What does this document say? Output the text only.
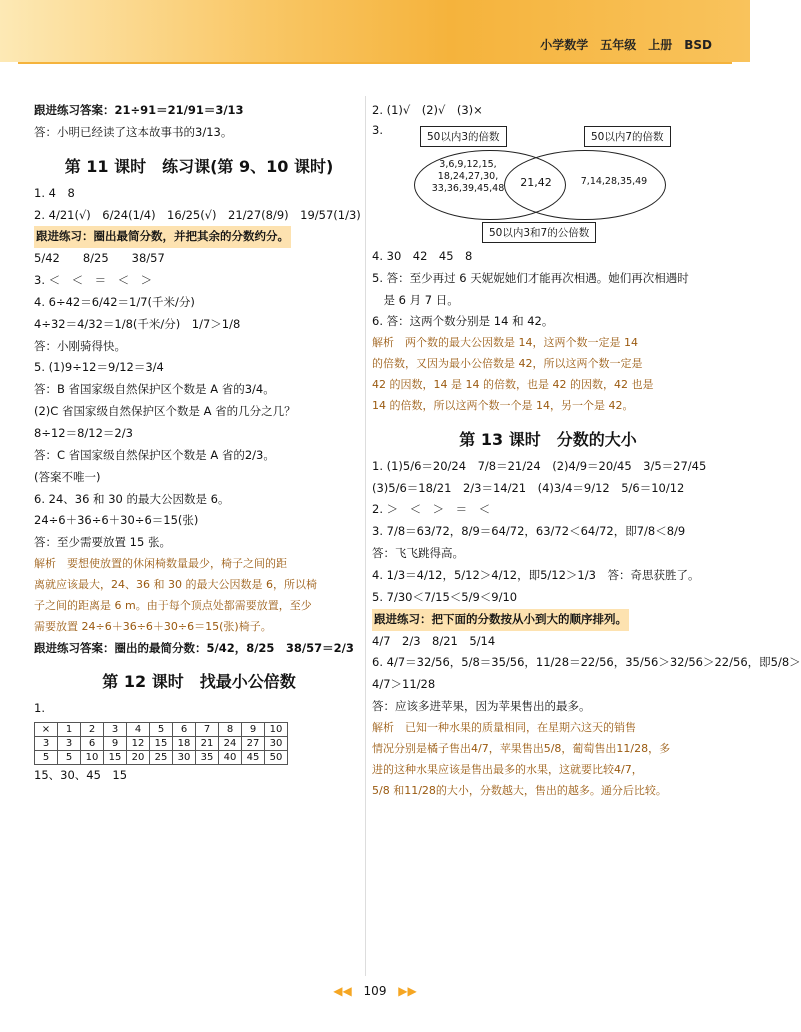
小学数学　五年级　上册　BSD
跟进练习答案：21÷91＝21/91＝3/13
答：小明已经读了这本故事书的3/13。
第 11 课时　练习课(第 9、10 课时)
1. 4　8
2. 4/21(√)　6/24(1/4)　16/25(√)　21/27(8/9)　19/57(1/3)
跟进练习：圈出最简分数，并把其余的分数约分。
5/42　　8/25　　38/57
3. ＜　＜　＝　＜　＞
4. 6÷42＝6/42＝1/7(千米/分)
4÷32＝4/32＝1/8(千米/分)　1/7＞1/8
答：小刚骑得快。
5. (1)9÷12＝9/12＝3/4
答：B 省国家级自然保护区个数是 A 省的3/4。
(2)C 省国家级自然保护区个数是 A 省的几分之几？
8÷12＝8/12＝2/3
答：C 省国家级自然保护区个数是 A 省的2/3。
(答案不唯一)
6. 24、36 和 30 的最大公因数是 6。
24÷6＋36÷6＋30÷6＝15(张)
答：至少需要放置 15 张。
解析　要想使放置的休闲椅数量最少，椅子之间的距
离就应该最大，24、36 和 30 的最大公因数是 6，所以椅
子之间的距离是 6 m。由于每个顶点处都需要放置，至少
需要放置 24÷6＋36÷6＋30÷6＝15(张)椅子。
跟进练习答案：圈出的最简分数：5/42，8/25　38/57＝2/3
第 12 课时　找最小公倍数
1.
×	1	2	3	4	5	6	7	8	9	10
3	3	6	9	12	15	18	21	24	27	30
5	5	10	15	20	25	30	35	40	45	50
15、30、45　15
2. (1)√　(2)√　(3)×
3.	50以内3的倍数	50以内7的倍数
3,6,9,12,15,
18,24,27,30,
33,36,39,45,48	21,42	7,14,28,35,49
50以内3和7的公倍数
4. 30　42　45　8
5. 答：至少再过 6 天妮妮她们才能再次相遇。她们再次相遇时
　是 6 月 7 日。
6. 答：这两个数分别是 14 和 42。
解析　两个数的最大公因数是 14，这两个数一定是 14
的倍数，又因为最小公倍数是 42，所以这两个数一定是
42 的因数，14 是 14 的倍数，也是 42 的因数，42 也是
14 的倍数，所以这两个数一个是 14，另一个是 42。
第 13 课时　分数的大小
1. (1)5/6＝20/24　7/8＝21/24　(2)4/9＝20/45　3/5＝27/45
(3)5/6＝18/21　2/3＝14/21　(4)3/4＝9/12　5/6＝10/12
2. ＞　＜　＞　＝　＜
3. 7/8＝63/72，8/9＝64/72，63/72＜64/72，即7/8＜8/9
答：飞飞跳得高。
4. 1/3＝4/12，5/12＞4/12，即5/12＞1/3　答：奇思获胜了。
5. 7/30＜7/15＜5/9＜9/10
跟进练习：把下面的分数按从小到大的顺序排列。
4/7　2/3　8/21　5/14
6. 4/7＝32/56，5/8＝35/56，11/28＝22/56，35/56＞32/56＞22/56，即5/8＞
4/7＞11/28
答：应该多进苹果，因为苹果售出的最多。
解析　已知一种水果的质量相同，在星期六这天的销售
情况分别是橘子售出4/7，苹果售出5/8，葡萄售出11/28，多
进的这种水果应该是售出最多的水果，这就要比较4/7，
5/8 和11/28的大小，分数越大，售出的越多。通分后比较。
◀◀ 109 ▶▶
